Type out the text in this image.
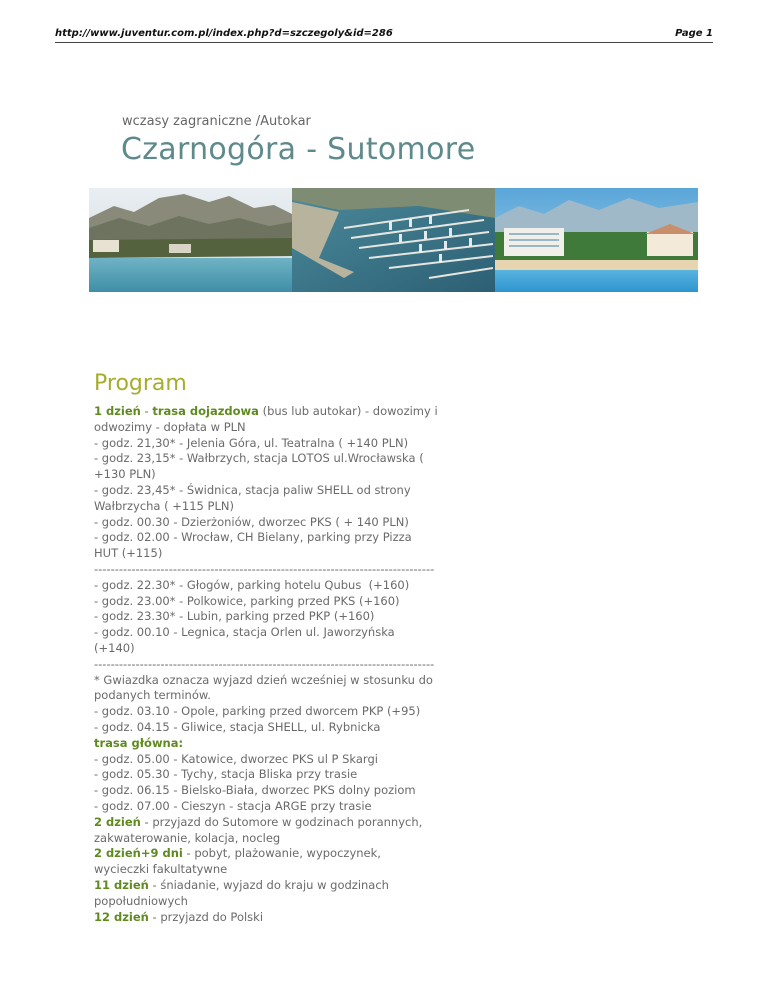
http://www.juventur.com.pl/index.php?d=szczegoly&id=286	Page 1
wczasy zagraniczne /Autokar
Czarnogóra - Sutomore
Program
1 dzień - trasa dojazdowa (bus lub autokar) - dowozimy i
odwozimy - dopłata w PLN
- godz. 21,30* - Jelenia Góra, ul. Teatralna ( +140 PLN)
- godz. 23,15* - Wałbrzych, stacja LOTOS ul.Wrocławska (
+130 PLN)
- godz. 23,45* - Świdnica, stacja paliw SHELL od strony
Wałbrzycha ( +115 PLN)
- godz. 00.30 - Dzierżoniów, dworzec PKS ( + 140 PLN)
- godz. 02.00 - Wrocław, CH Bielany, parking przy Pizza
HUT (+115)
----------------------------------------------------------------------------------
- godz. 22.30* - Głogów, parking hotelu Qubus  (+160)
- godz. 23.00* - Polkowice, parking przed PKS (+160)
- godz. 23.30* - Lubin, parking przed PKP (+160)
- godz. 00.10 - Legnica, stacja Orlen ul. Jaworzyńska
(+140)
----------------------------------------------------------------------------------
* Gwiazdka oznacza wyjazd dzień wcześniej w stosunku do
podanych terminów.
- godz. 03.10 - Opole, parking przed dworcem PKP (+95)
- godz. 04.15 - Gliwice, stacja SHELL, ul. Rybnicka
trasa główna:
- godz. 05.00 - Katowice, dworzec PKS ul P Skargi
- godz. 05.30 - Tychy, stacja Bliska przy trasie
- godz. 06.15 - Bielsko-Biała, dworzec PKS dolny poziom
- godz. 07.00 - Cieszyn - stacja ARGE przy trasie
2 dzień - przyjazd do Sutomore w godzinach porannych,
zakwaterowanie, kolacja, nocleg
2 dzień+9 dni - pobyt, plażowanie, wypoczynek,
wycieczki fakultatywne
11 dzień - śniadanie, wyjazd do kraju w godzinach
popołudniowych
12 dzień - przyjazd do Polski
